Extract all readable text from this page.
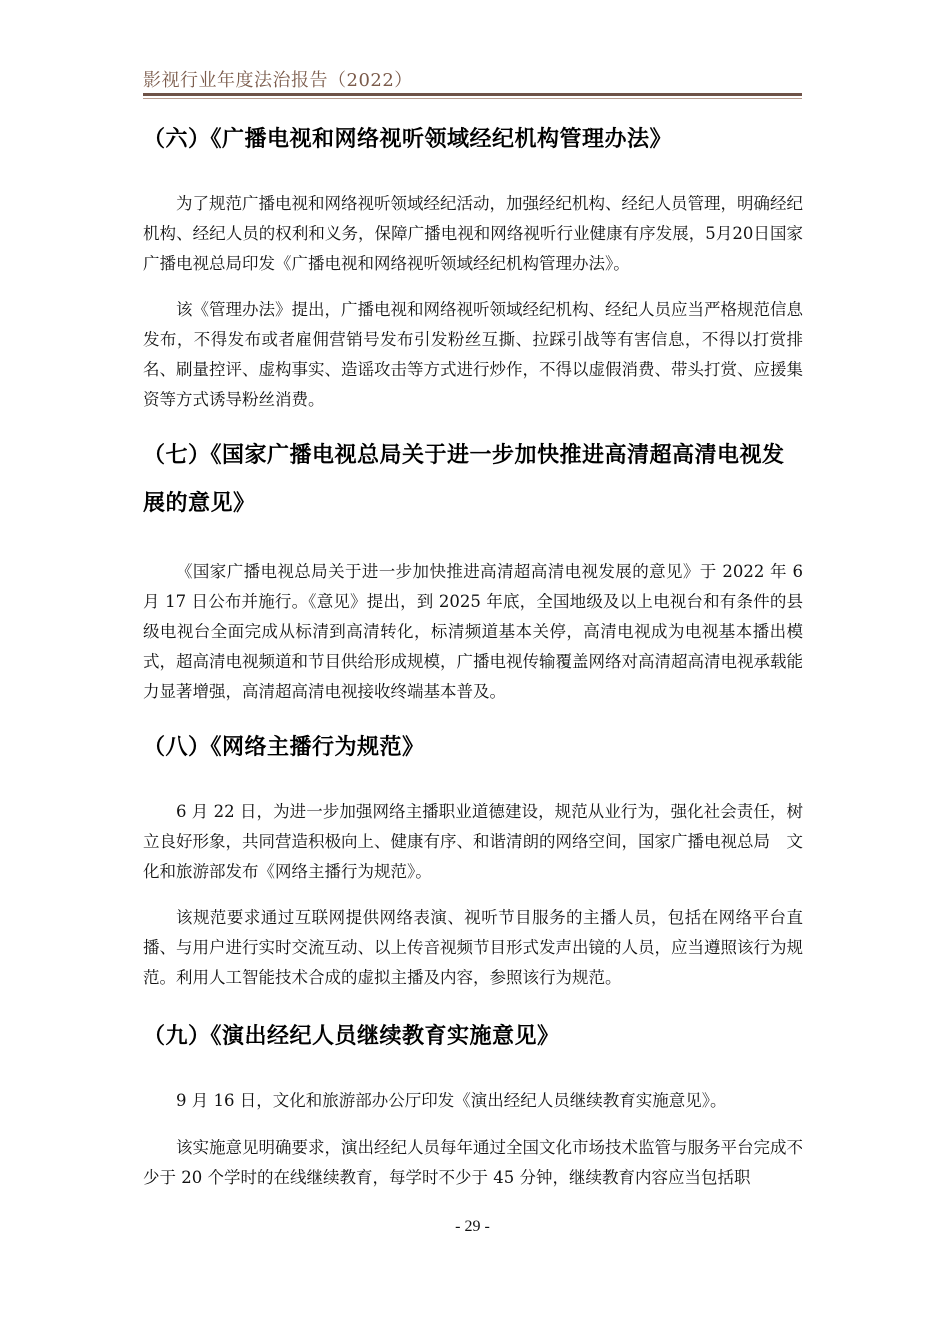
影视行业年度法治报告（2022）
（六）《广播电视和网络视听领域经纪机构管理办法》

为了规范广播电视和网络视听领域经纪活动，加强经纪机构、经纪人员管理，明确经纪机构、经纪人员的权利和义务，保障广播电视和网络视听行业健康有序发展，5月20日国家广播电视总局印发《广播电视和网络视听领域经纪机构管理办法》。

该《管理办法》提出，广播电视和网络视听领域经纪机构、经纪人员应当严格规范信息发布，不得发布或者雇佣营销号发布引发粉丝互撕、拉踩引战等有害信息，不得以打赏排名、刷量控评、虚构事实、造谣攻击等方式进行炒作，不得以虚假消费、带头打赏、应援集资等方式诱导粉丝消费。

（七）《国家广播电视总局关于进一步加快推进高清超高清电视发展的意见》

《国家广播电视总局关于进一步加快推进高清超高清电视发展的意见》于 2022 年 6 月 17 日公布并施行。《意见》提出，到 2025 年底，全国地级及以上电视台和有条件的县级电视台全面完成从标清到高清转化，标清频道基本关停，高清电视成为电视基本播出模式，超高清电视频道和节目供给形成规模，广播电视传输覆盖网络对高清超高清电视承载能力显著增强，高清超高清电视接收终端基本普及。

（八）《网络主播行为规范》

6 月 22 日，为进一步加强网络主播职业道德建设，规范从业行为，强化社会责任，树立良好形象，共同营造积极向上、健康有序、和谐清朗的网络空间，国家广播电视总局　文化和旅游部发布《网络主播行为规范》。

该规范要求通过互联网提供网络表演、视听节目服务的主播人员，包括在网络平台直播、与用户进行实时交流互动、以上传音视频节目形式发声出镜的人员，应当遵照该行为规范。利用人工智能技术合成的虚拟主播及内容，参照该行为规范。

（九）《演出经纪人员继续教育实施意见》

9 月 16 日，文化和旅游部办公厅印发《演出经纪人员继续教育实施意见》。

该实施意见明确要求，演出经纪人员每年通过全国文化市场技术监管与服务平台完成不少于 20 个学时的在线继续教育，每学时不少于 45 分钟，继续教育内容应当包括职

- 29 -
